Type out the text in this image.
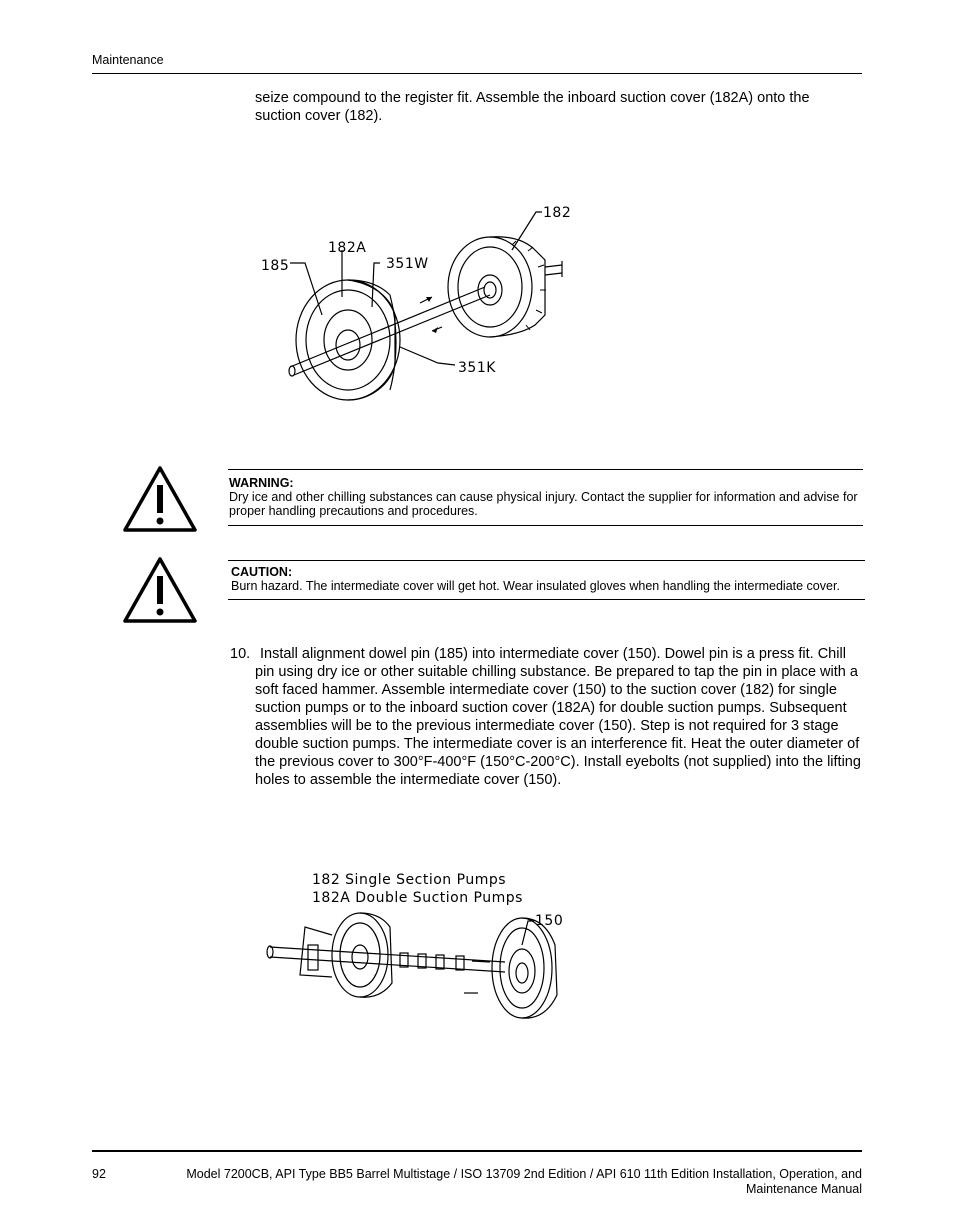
Maintenance
seize compound to the register fit. Assemble the inboard suction cover (182A) onto the suction cover (182).
182
182A
185	351W
351K
WARNING:
Dry ice and other chilling substances can cause physical injury. Contact the supplier for information and advise for proper handling precautions and procedures.
CAUTION:
Burn hazard. The intermediate cover will get hot. Wear insulated gloves when handling the intermediate cover.
10. Install alignment dowel pin (185) into intermediate cover (150). Dowel pin is a press fit. Chill pin using dry ice or other suitable chilling substance. Be prepared to tap the pin in place with a soft faced hammer. Assemble intermediate cover (150) to the suction cover (182) for single suction pumps or to the inboard suction cover (182A) for double suction pumps. Subsequent assemblies will be to the previous intermediate cover (150). Step is not required for 3 stage double suction pumps. The intermediate cover is an interference fit. Heat the outer diameter of the previous cover to 300°F-400°F (150°C-200°C). Install eyebolts (not supplied) into the lifting holes to assemble the intermediate cover (150).
182 Single Section Pumps
182A Double Suction Pumps
150
92	Model 7200CB, API Type BB5 Barrel Multistage / ISO 13709 2nd Edition / API 610 11th Edition Installation, Operation, and Maintenance Manual
